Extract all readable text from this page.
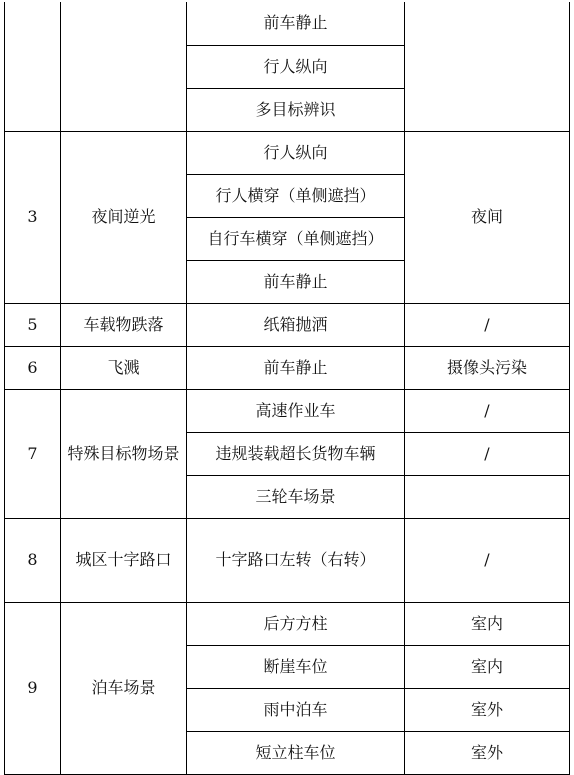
		前车静止	
		行人纵向	
		多目标辨识	
3	夜间逆光	行人纵向	夜间
		行人横穿（单侧遮挡）	
		自行车横穿（单侧遮挡）	
		前车静止	
5	车载物跌落	纸箱抛洒	/
6	飞溅	前车静止	摄像头污染
7	特殊目标物场景	高速作业车	/
		违规装载超长货物车辆	/
		三轮车场景	
8	城区十字路口	十字路口左转（右转）	/
9	泊车场景	后方方柱	室内
		断崖车位	室内
		雨中泊车	室外
		短立柱车位	室外
